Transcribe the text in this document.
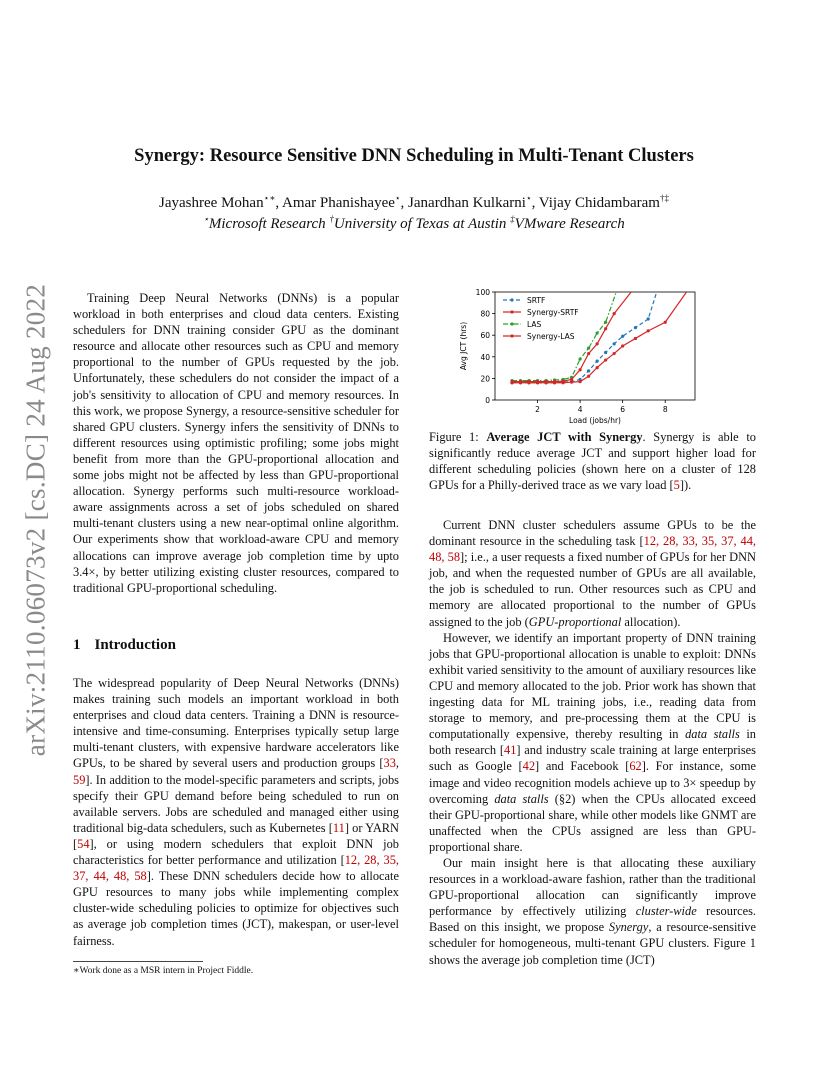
arXiv:2110.06073v2 [cs.DC] 24 Aug 2022
Synergy: Resource Sensitive DNN Scheduling in Multi-Tenant Clusters
Jayashree Mohan⋆∗, Amar Phanishayee⋆, Janardhan Kulkarni⋆, Vijay Chidambaram†‡
⋆Microsoft Research †University of Texas at Austin ‡VMware Research

Training Deep Neural Networks (DNNs) is a popular workload in both enterprises and cloud data centers. Existing schedulers for DNN training consider GPU as the dominant resource and allocate other resources such as CPU and memory proportional to the number of GPUs requested by the job. Unfortunately, these schedulers do not consider the impact of a job's sensitivity to allocation of CPU and memory resources. In this work, we propose Synergy, a resource-sensitive scheduler for shared GPU clusters. Synergy infers the sensitivity of DNNs to different resources using optimistic profiling; some jobs might benefit from more than the GPU-proportional allocation and some jobs might not be affected by less than GPU-proportional allocation. Synergy performs such multi-resource workload-aware assignments across a set of jobs scheduled on shared multi-tenant clusters using a new near-optimal online algorithm. Our experiments show that workload-aware CPU and memory allocations can improve average job completion time by upto 3.4×, by better utilizing existing cluster resources, compared to traditional GPU-proportional scheduling.

1 Introduction

The widespread popularity of Deep Neural Networks (DNNs) makes training such models an important workload in both enterprises and cloud data centers. Training a DNN is resource-intensive and time-consuming. Enterprises typically setup large multi-tenant clusters, with expensive hardware accelerators like GPUs, to be shared by several users and production groups [33, 59]. In addition to the model-specific parameters and scripts, jobs specify their GPU demand before being scheduled to run on available servers. Jobs are scheduled and managed either using traditional big-data schedulers, such as Kubernetes [11] or YARN [54], or using modern schedulers that exploit DNN job characteristics for better performance and utilization [12, 28, 35, 37, 44, 48, 58]. These DNN schedulers decide how to allocate GPU resources to many jobs while implementing complex cluster-wide scheduling policies to optimize for objectives such as average job completion times (JCT), makespan, or user-level fairness.

∗Work done as a MSR intern in Project Fiddle.
0
20
40
60
80
100
2	4	6	8
Load (jobs/hr)
Avg JCT (hrs)
SRTF
Synergy-SRTF
LAS
Synergy-LAS
Figure 1: Average JCT with Synergy. Synergy is able to significantly reduce average JCT and support higher load for different scheduling policies (shown here on a cluster of 128 GPUs for a Philly-derived trace as we vary load [5]).

Current DNN cluster schedulers assume GPUs to be the dominant resource in the scheduling task [12, 28, 33, 35, 37, 44, 48, 58]; i.e., a user requests a fixed number of GPUs for her DNN job, and when the requested number of GPUs are all available, the job is scheduled to run. Other resources such as CPU and memory are allocated proportional to the number of GPUs assigned to the job (GPU-proportional allocation).

However, we identify an important property of DNN training jobs that GPU-proportional allocation is unable to exploit: DNNs exhibit varied sensitivity to the amount of auxiliary resources like CPU and memory allocated to the job. Prior work has shown that ingesting data for ML training jobs, i.e., reading data from storage to memory, and pre-processing them at the CPU is computationally expensive, thereby resulting in data stalls in both research [41] and industry scale training at large enterprises such as Google [42] and Facebook [62]. For instance, some image and video recognition models achieve up to 3× speedup by overcoming data stalls (§2) when the CPUs allocated exceed their GPU-proportional share, while other models like GNMT are unaffected when the CPUs assigned are less than GPU-proportional share.

Our main insight here is that allocating these auxiliary resources in a workload-aware fashion, rather than the traditional GPU-proportional allocation can significantly improve performance by effectively utilizing cluster-wide resources. Based on this insight, we propose Synergy, a resource-sensitive scheduler for homogeneous, multi-tenant GPU clusters. Figure 1 shows the average job completion time (JCT)
